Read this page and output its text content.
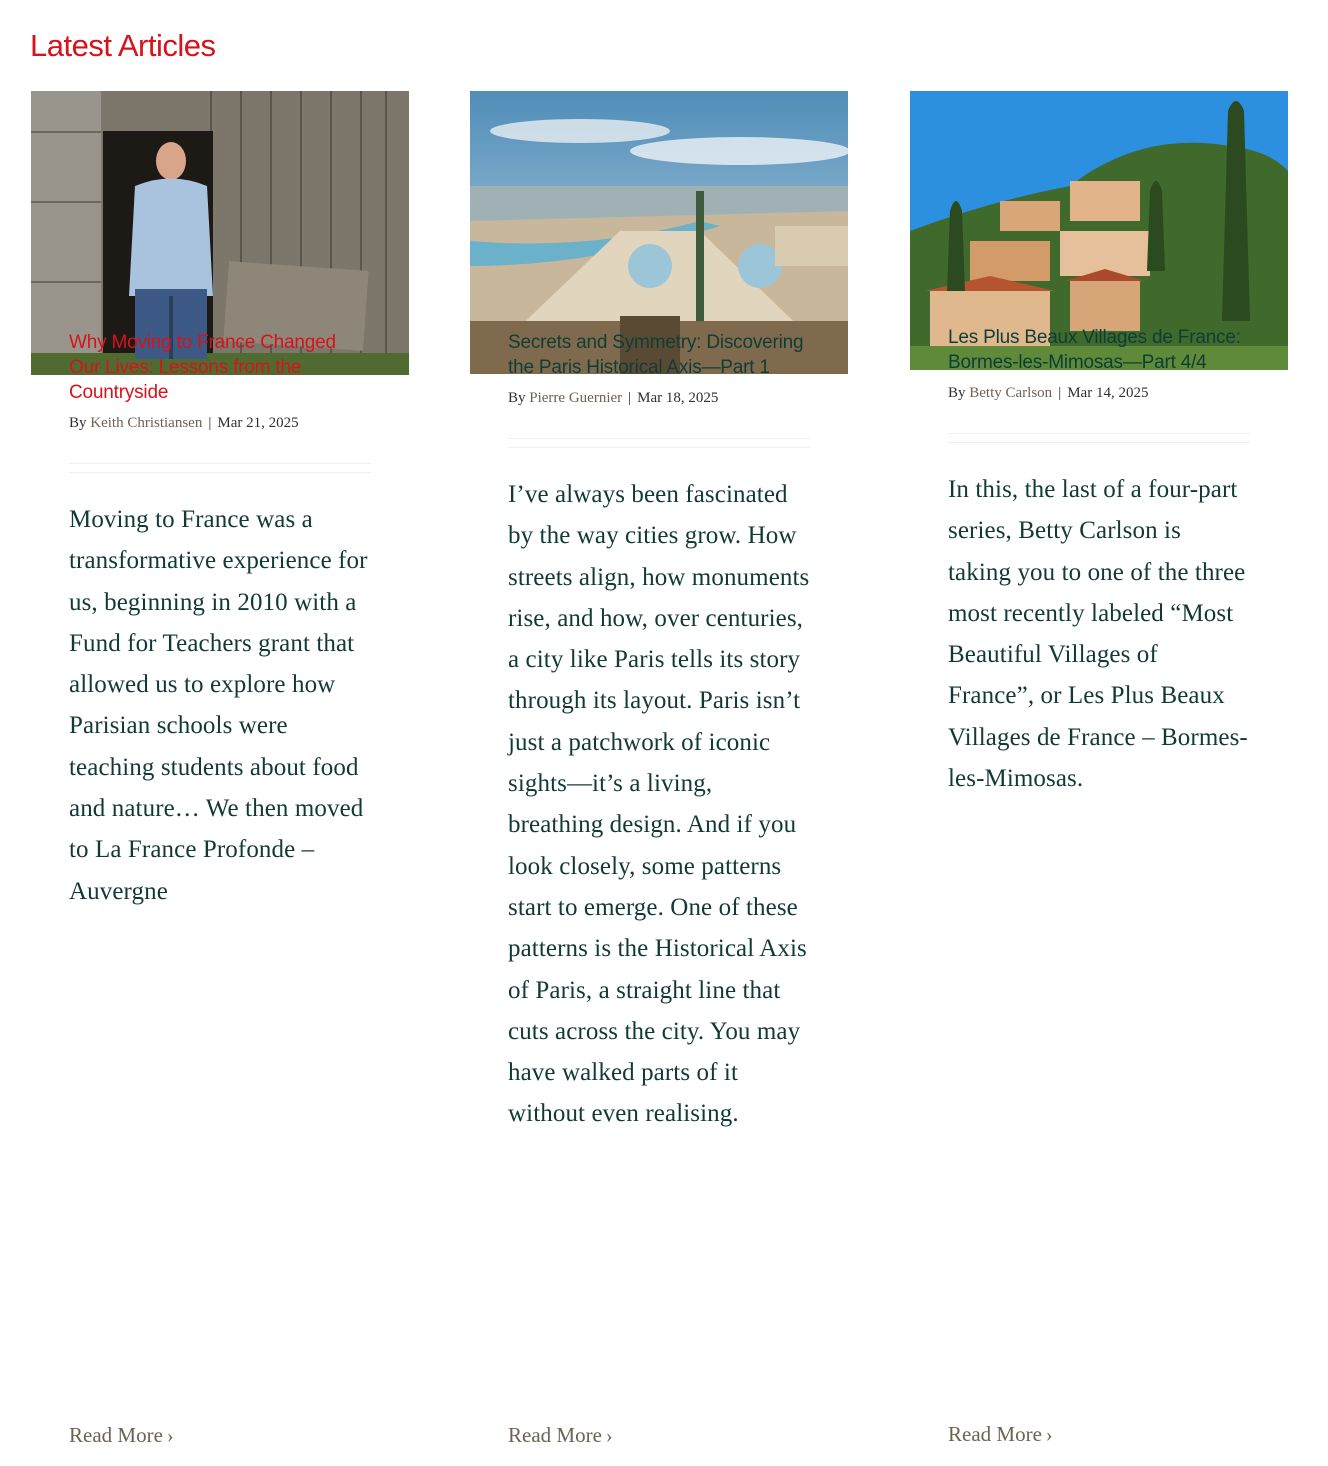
Latest Articles
Why Moving to France Changed Our Lives: Lessons from the Countryside
By Keith Christiansen | Mar 21, 2025
Moving to France was a transformative experience for us, beginning in 2010 with a Fund for Teachers grant that allowed us to explore how Parisian schools were teaching students about food and nature… We then moved to La France Profonde – Auvergne
Read More ›
Secrets and Symmetry: Discovering the Paris Historical Axis—Part 1
By Pierre Guernier | Mar 18, 2025
I’ve always been fascinated by the way cities grow. How streets align, how monuments rise, and how, over centuries, a city like Paris tells its story through its layout. Paris isn’t just a patchwork of iconic sights—it’s a living, breathing design. And if you look closely, some patterns start to emerge. One of these patterns is the Historical Axis of Paris, a straight line that cuts across the city. You may have walked parts of it without even realising.
Read More ›
Les Plus Beaux Villages de France: Bormes-les-Mimosas—Part 4/4
By Betty Carlson | Mar 14, 2025
In this, the last of a four-part series, Betty Carlson is taking you to one of the three most recently labeled “Most Beautiful Villages of France”, or Les Plus Beaux Villages de France – Bormes-les-Mimosas.
Read More ›
